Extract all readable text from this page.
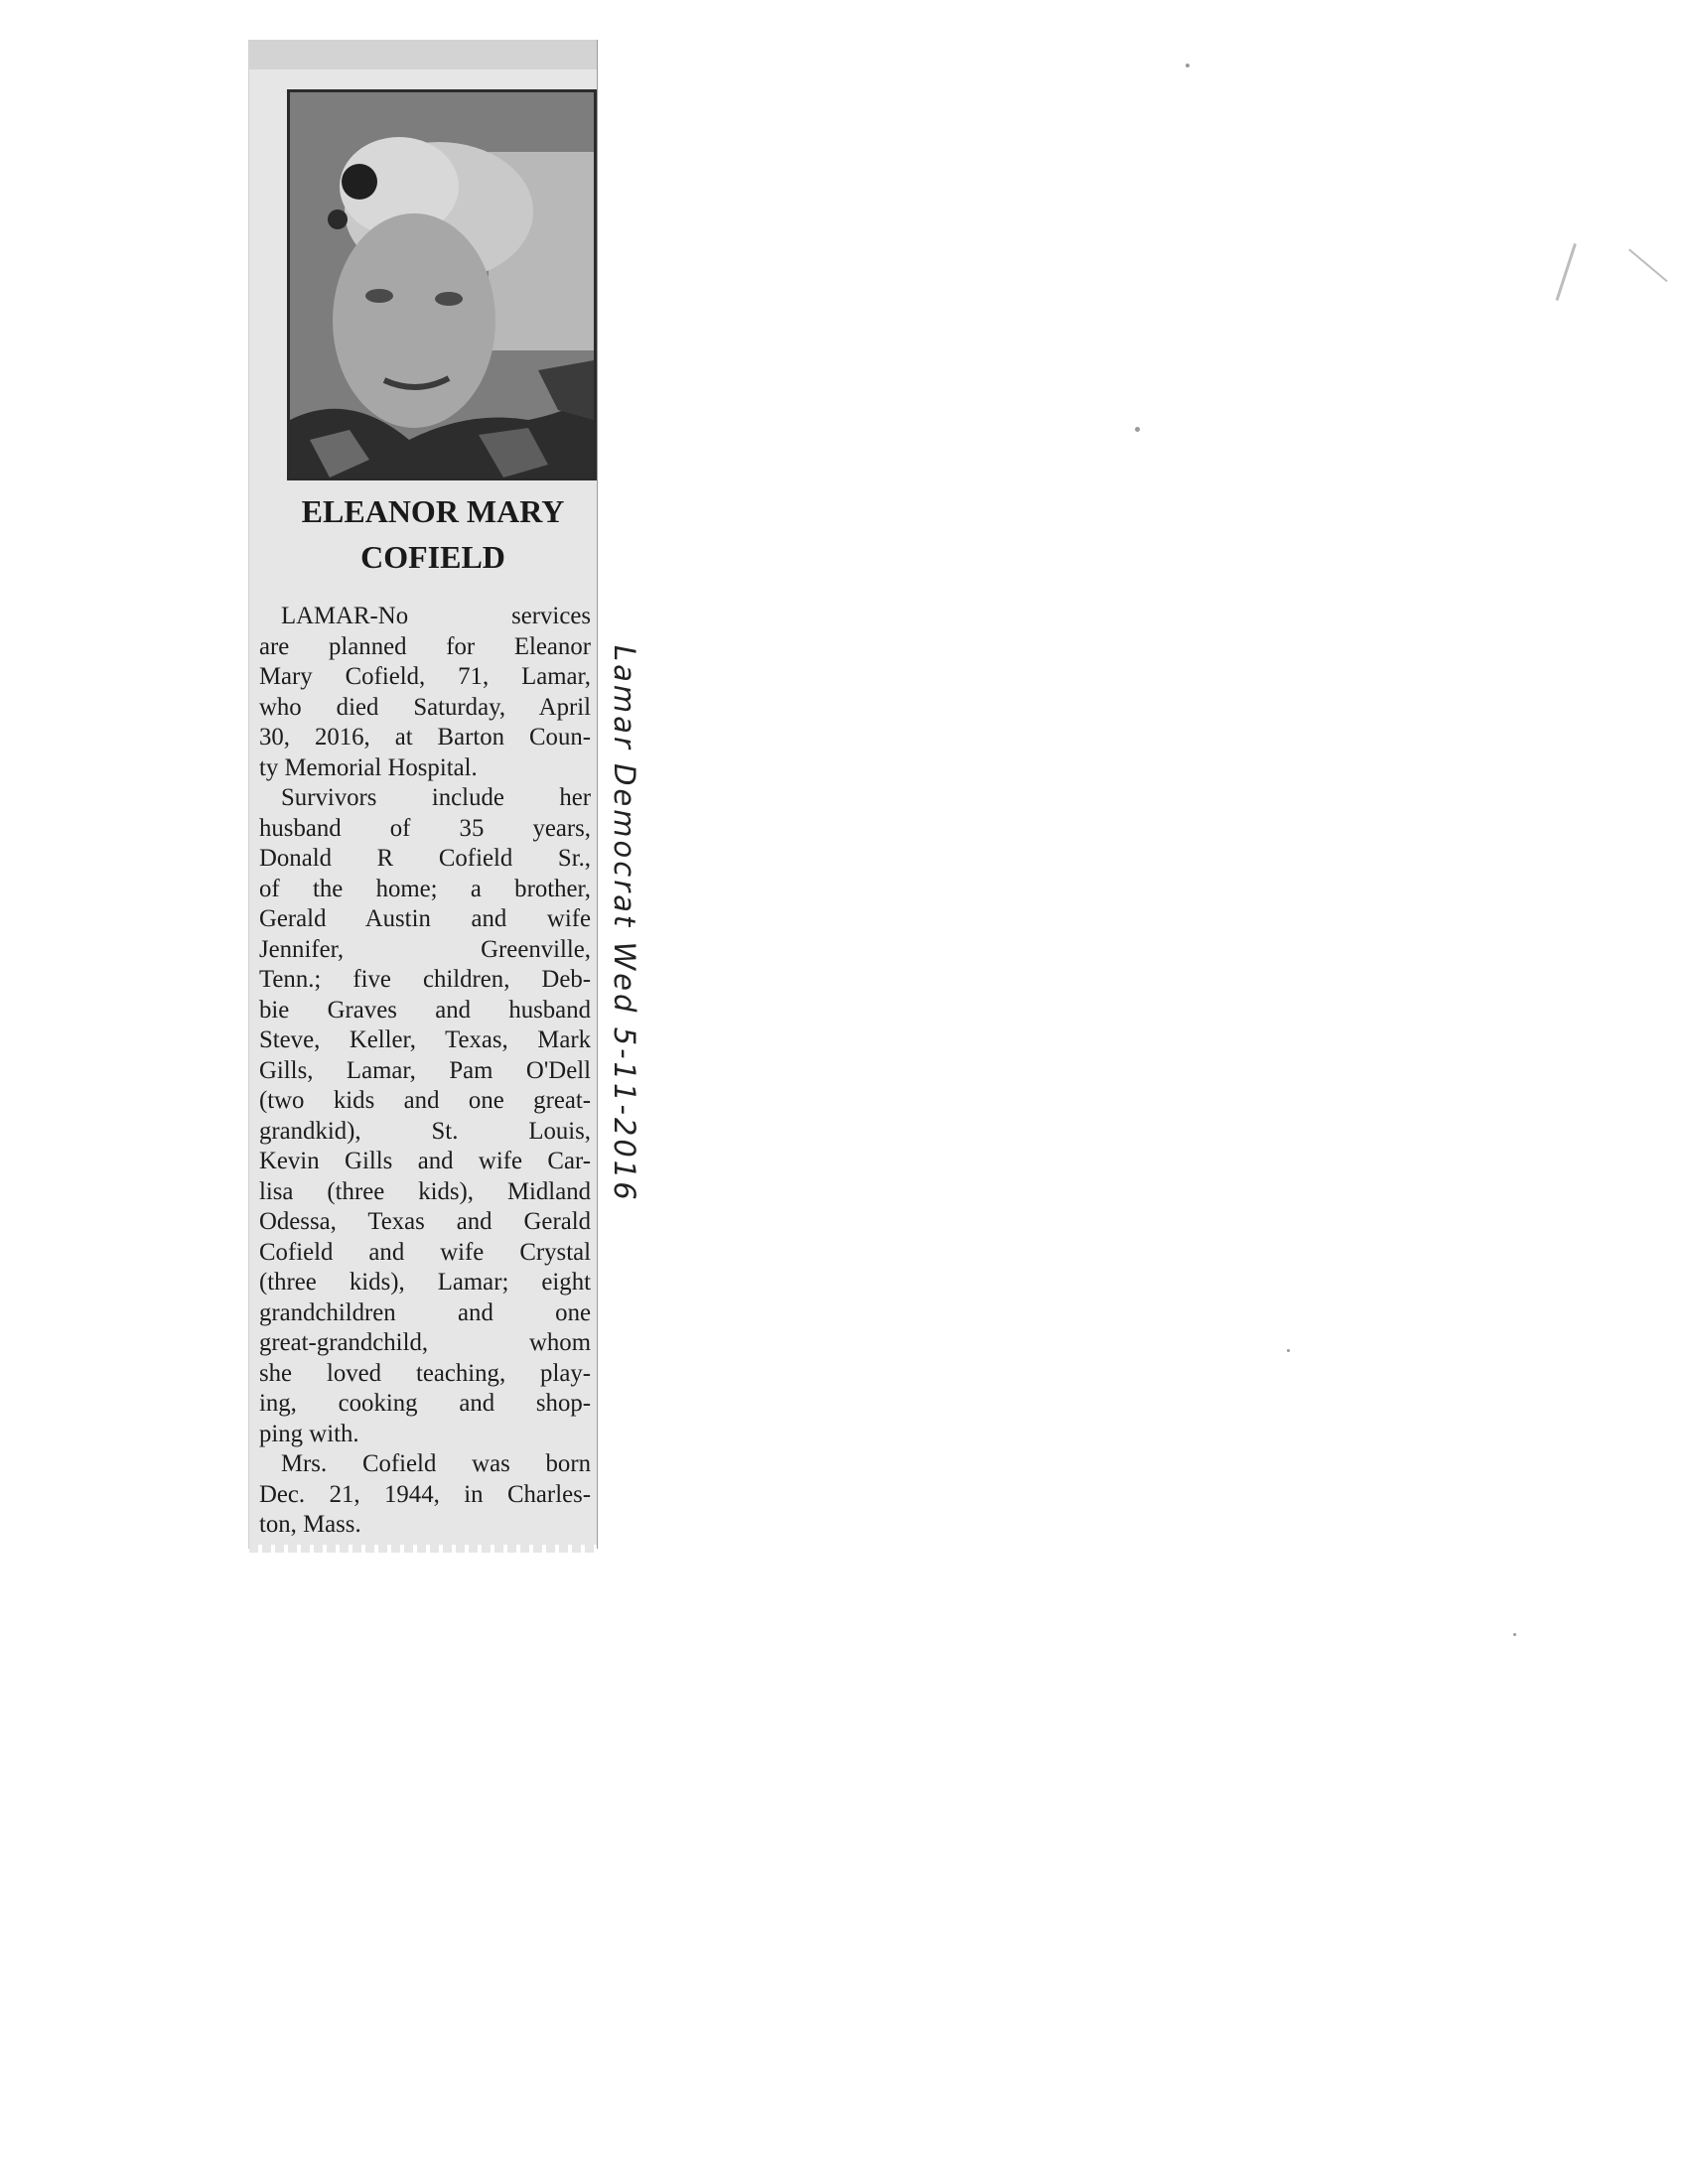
ELEANOR MARY
COFIELD
LAMAR-No services
are planned for Eleanor
Mary Cofield, 71, Lamar,
who died Saturday, April
30, 2016, at Barton Coun-
ty Memorial Hospital.
Survivors include her
husband of 35 years,
Donald R Cofield Sr.,
of the home; a brother,
Gerald Austin and wife
Jennifer, Greenville,
Tenn.; five children, Deb-
bie Graves and husband
Steve, Keller, Texas, Mark
Gills, Lamar, Pam O'Dell
(two kids and one great-
grandkid), St. Louis,
Kevin Gills and wife Car-
lisa (three kids), Midland
Odessa, Texas and Gerald
Cofield and wife Crystal
(three kids), Lamar; eight
grandchildren and one
great-grandchild, whom
she loved teaching, play-
ing, cooking and shop-
ping with.
Mrs. Cofield was born
Dec. 21, 1944, in Charles-
ton, Mass.
Lamar Democrat Wed 5-11-2016
